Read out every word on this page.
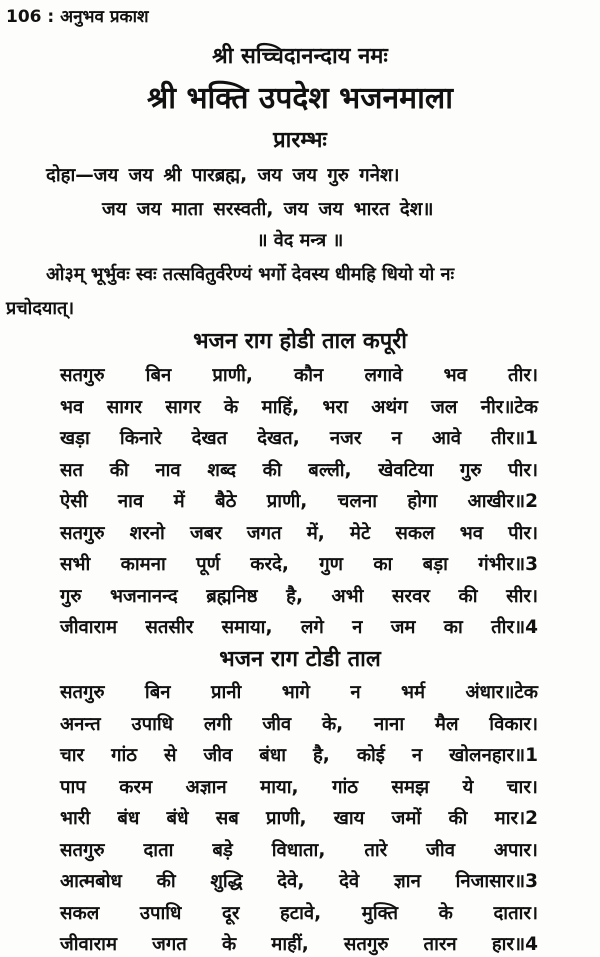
106 : अनुभव प्रकाश
श्री सच्चिदानन्दाय नमः
श्री भक्ति उपदेश भजनमाला
प्रारम्भः
दोहा—जय जय श्री पारब्रह्म, जय जय गुरु गनेश।
जय जय माता सरस्वती, जय जय भारत देश॥
॥ वेद मन्त्र ॥
ओ३म् भूर्भुवः स्वः तत्सवितुर्वरेण्यं भर्गो देवस्य धीमहि धियो यो नः
प्रचोदयात्।
भजन राग होडी ताल कपूरी
सतगुरु बिन प्राणी, कौन लगावे भव तीर।
भव सागर सागर के माहिं, भरा अथंग जल नीर॥टेक
खड़ा किनारे देखत देखत, नजर न आवे तीर॥1
सत की नाव शब्द की बल्ली, खेवटिया गुरु पीर।
ऐसी नाव में बैठे प्राणी, चलना होगा आखीर॥2
सतगुरु शरनो जबर जगत में, मेटे सकल भव पीर।
सभी कामना पूर्ण करदे, गुण का बड़ा गंभीर॥3
गुरु भजनानन्द ब्रह्मनिष्ठ है, अभी सरवर की सीर।
जीवाराम सतसीर समाया, लगे न जम का तीर॥4
भजन राग टोडी ताल
सतगुरु बिन प्रानी भागे न भर्म अंधार॥टेक
अनन्त उपाधि लगी जीव के, नाना मैल विकार।
चार गांठ से जीव बंधा है, कोई न खोलनहार॥1
पाप करम अज्ञान माया, गांठ समझ ये चार।
भारी बंध बंधे सब प्राणी, खाय जमों की मार।2
सतगुरु दाता बड़े विधाता, तारे जीव अपार।
आत्मबोध की शुद्धि देवे, देवे ज्ञान निजासार॥3
सकल उपाधि दूर हटावे, मुक्ति के दातार।
जीवाराम जगत के माहीं, सतगुरु तारन हार॥4
